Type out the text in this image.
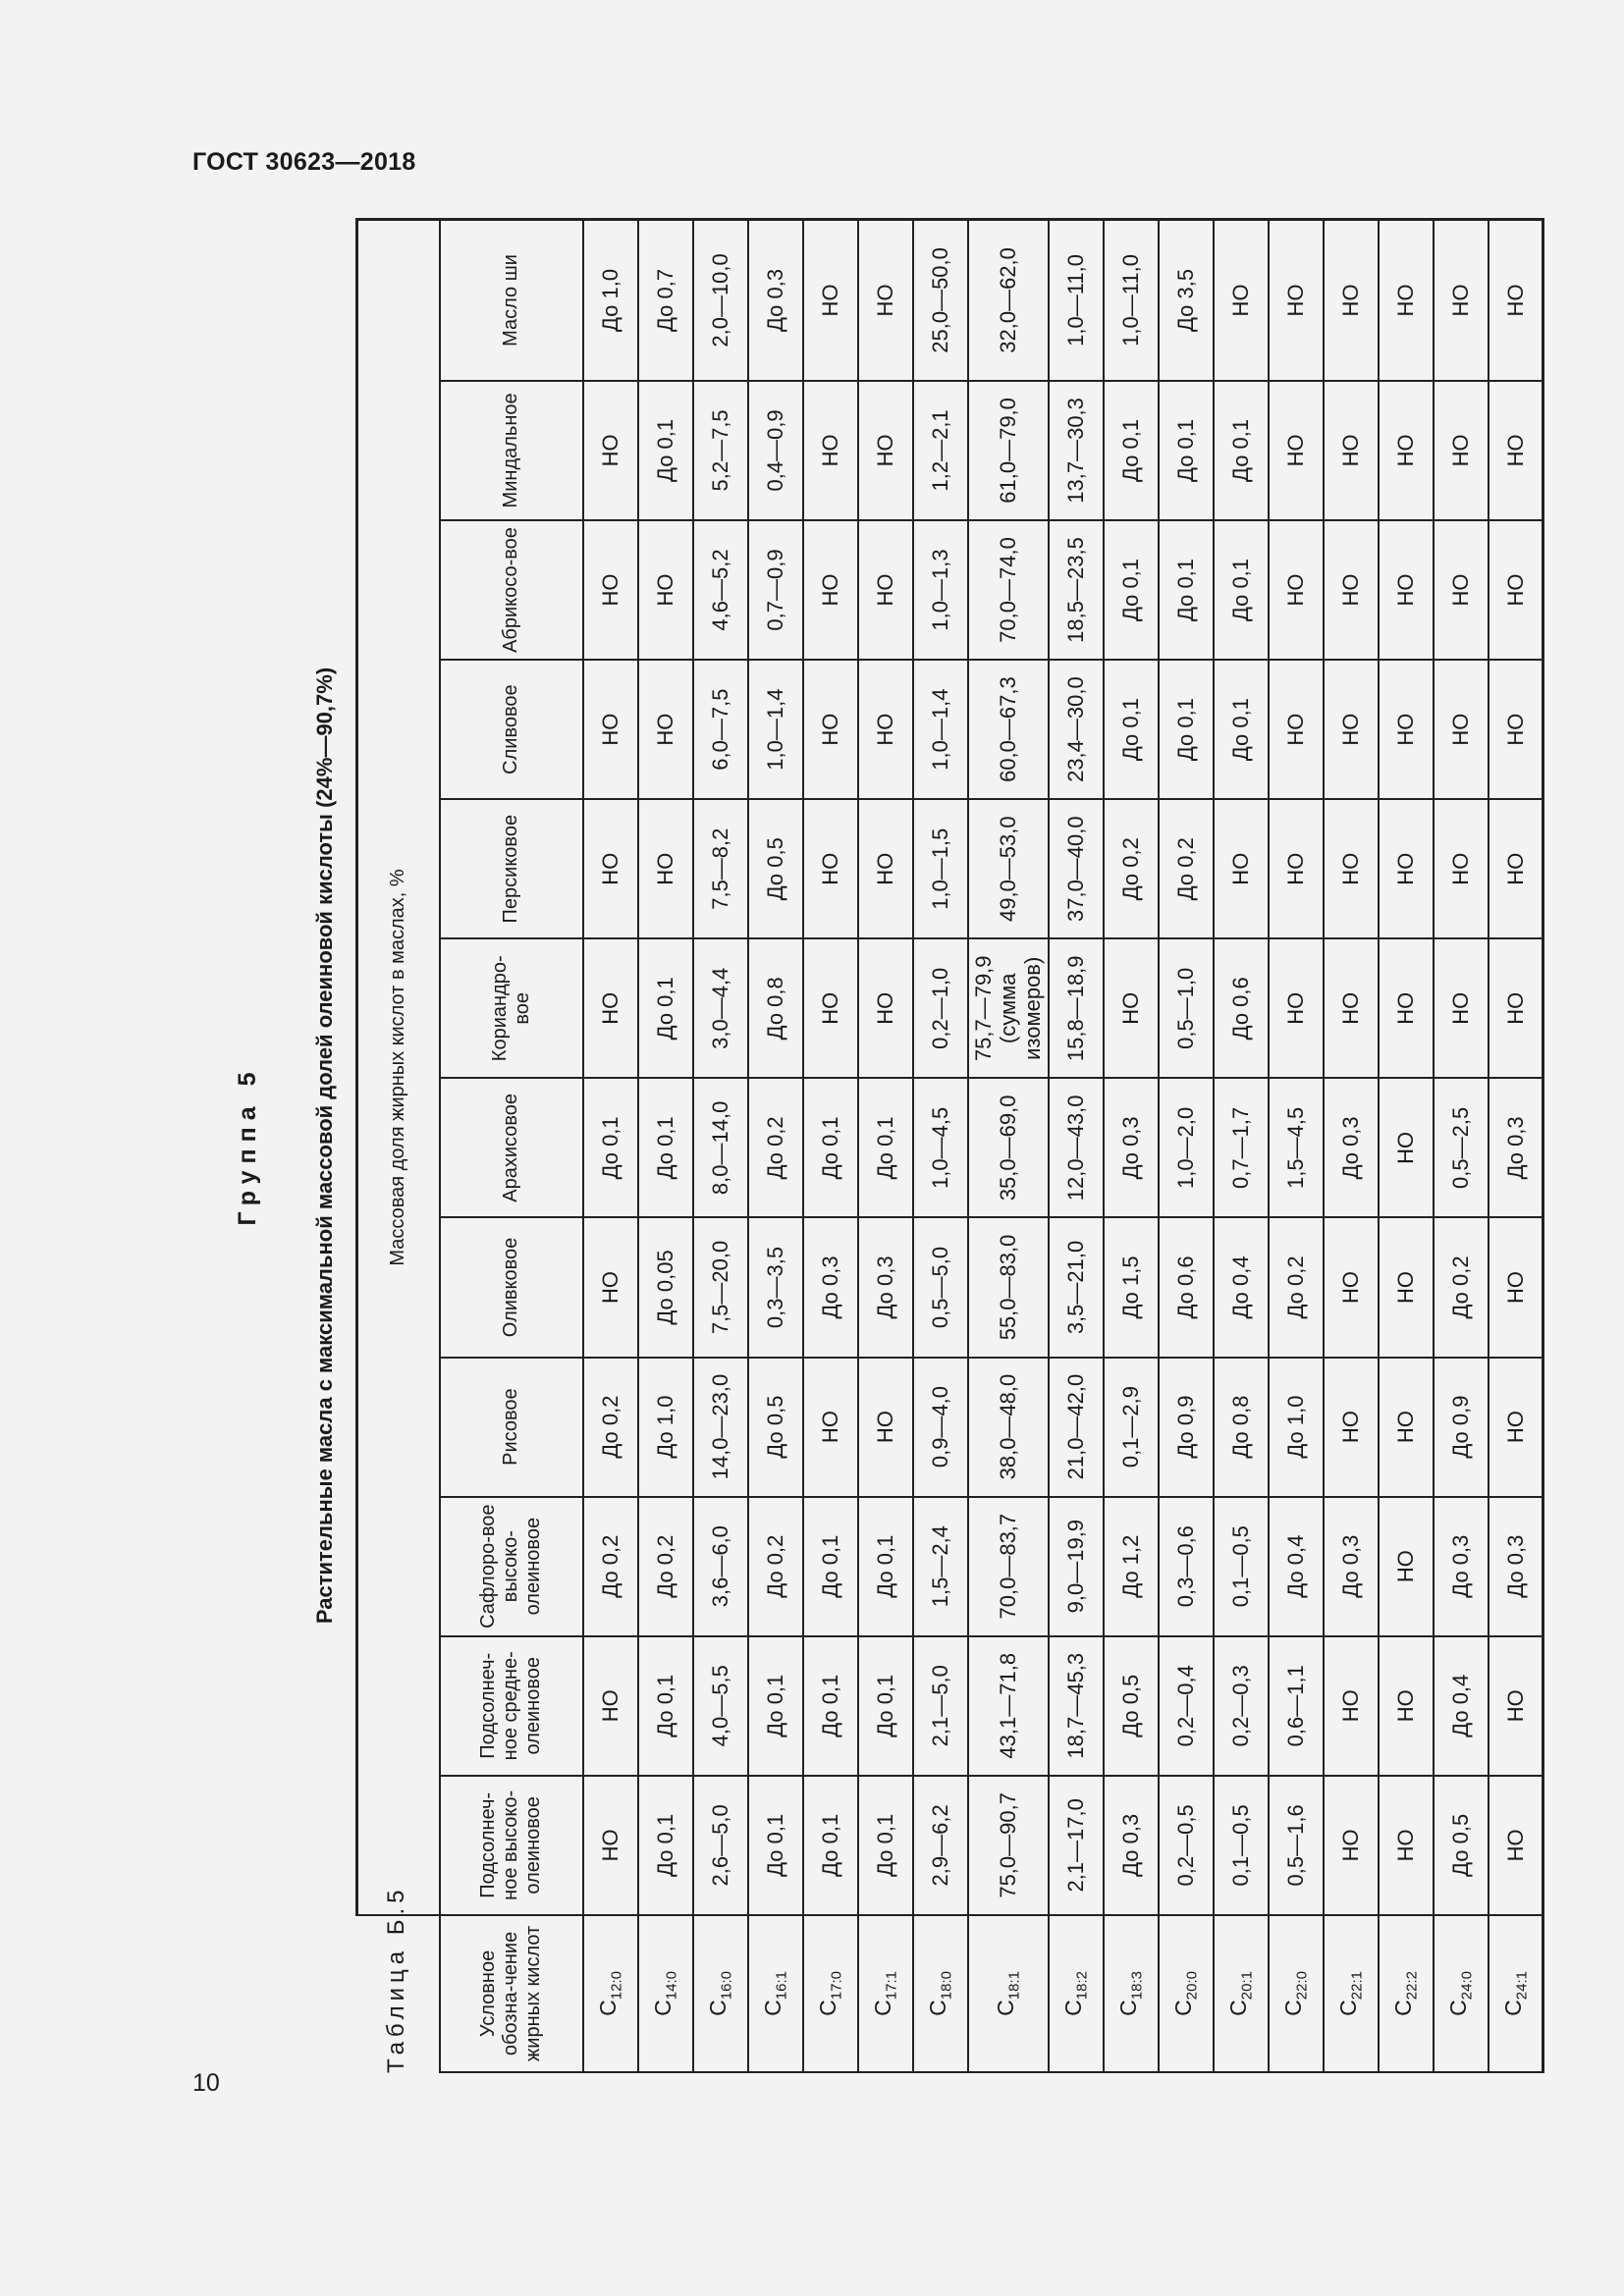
ГОСТ 30623—2018
10
Группа 5 Растительные масла с максимальной массовой долей олеиновой кислоты (24%—90,7%)
Таблица Б.5
	Массовая доля жирных кислот в маслах, %											
Условное обозна-чение жирных кислот	Подсолнеч-ное высоко-олеиновое	Подсолнеч-ное средне-олеиновое	Сафлоро-вое высоко-олеиновое	Рисовое	Оливковое	Арахисовое	Кориандро-вое	Персиковое	Сливовое	Абрикосо-вое	Миндальное	Масло ши
$C_{12:0}$	НО	НО	До 0,2	До 0,2	НО	До 0,1	НО	НО	НО	НО	НО	До 1,0
$C_{14:0}$	До 0,1	До 0,1	До 0,2	До 1,0	До 0,05	До 0,1	До 0,1	НО	НО	НО	До 0,1	До 0,7
$C_{16:0}$	2,6—5,0	4,0—5,5	3,6—6,0	14,0—23,0	7,5—20,0	8,0—14,0	3,0—4,4	7,5—8,2	6,0—7,5	4,6—5,2	5,2—7,5	2,0—10,0
$C_{16:1}$	До 0,1	До 0,1	До 0,2	До 0,5	0,3—3,5	До 0,2	До 0,8	До 0,5	1,0—1,4	0,7—0,9	0,4—0,9	До 0,3
$C_{17:0}$	До 0,1	До 0,1	До 0,1	НО	До 0,3	До 0,1	НО	НО	НО	НО	НО	НО
$C_{17:1}$	До 0,1	До 0,1	До 0,1	НО	До 0,3	До 0,1	НО	НО	НО	НО	НО	НО
$C_{18:0}$	2,9—6,2	2,1—5,0	1,5—2,4	0,9—4,0	0,5—5,0	1,0—4,5	0,2—1,0	1,0—1,5	1,0—1,4	1,0—1,3	1,2—2,1	25,0—50,0
$C_{18:1}$	75,0—90,7	43,1—71,8	70,0—83,7	38,0—48,0	55,0—83,0	35,0—69,0	75,7—79,9 (сумма изомеров)	49,0—53,0	60,0—67,3	70,0—74,0	61,0—79,0	32,0—62,0
$C_{18:2}$	2,1—17,0	18,7—45,3	9,0—19,9	21,0—42,0	3,5—21,0	12,0—43,0	15,8—18,9	37,0—40,0	23,4—30,0	18,5—23,5	13,7—30,3	1,0—11,0
$C_{18:3}$	До 0,3	До 0,5	До 1,2	0,1—2,9	До 1,5	До 0,3	НО	До 0,2	До 0,1	До 0,1	До 0,1	1,0—11,0
$C_{20:0}$	0,2—0,5	0,2—0,4	0,3—0,6	До 0,9	До 0,6	1,0—2,0	0,5—1,0	До 0,2	До 0,1	До 0,1	До 0,1	До 3,5
$C_{20:1}$	0,1—0,5	0,2—0,3	0,1—0,5	До 0,8	До 0,4	0,7—1,7	До 0,6	НО	До 0,1	До 0,1	До 0,1	НО
$C_{22:0}$	0,5—1,6	0,6—1,1	До 0,4	До 1,0	До 0,2	1,5—4,5	НО	НО	НО	НО	НО	НО
$C_{22:1}$	НО	НО	До 0,3	НО	НО	До 0,3	НО	НО	НО	НО	НО	НО
$C_{22:2}$	НО	НО	НО	НО	НО	НО	НО	НО	НО	НО	НО	НО
$C_{24:0}$	До 0,5	До 0,4	До 0,3	До 0,9	До 0,2	0,5—2,5	НО	НО	НО	НО	НО	НО
$C_{24:1}$	НО	НО	До 0,3	НО	НО	До 0,3	НО	НО	НО	НО	НО	НО
